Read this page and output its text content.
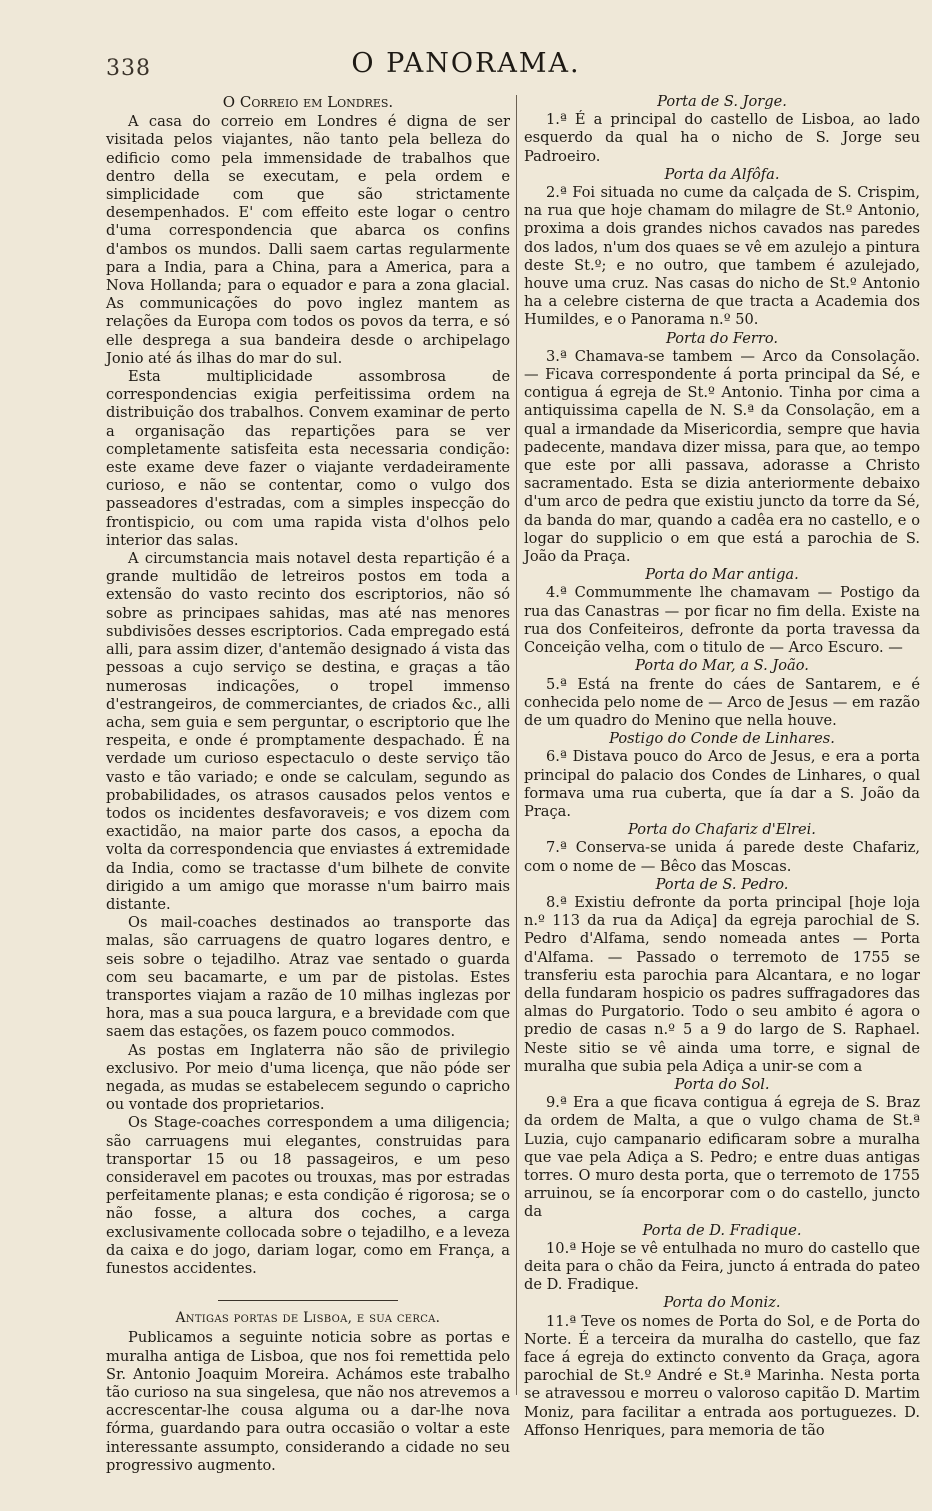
338	O PANORAMA.
O Correio em Londres.

A casa do correio em Londres é digna de ser visitada pelos viajantes, não tanto pela belleza do edificio como pela immensidade de trabalhos que dentro della se executam, e pela ordem e simplicidade com que são strictamente desempenhados. E' com effeito este logar o centro d'uma correspondencia que abarca os confins d'ambos os mundos. Dalli saem cartas regularmente para a India, para a China, para a America, para a Nova Hollanda; para o equador e para a zona glacial. As communicações do povo inglez mantem as relações da Europa com todos os povos da terra, e só elle desprega a sua bandeira desde o archipelago Jonio até ás ilhas do mar do sul.

Esta multiplicidade assombrosa de correspondencias exigia perfeitissima ordem na distribuição dos trabalhos. Convem examinar de perto a organisação das repartições para se ver completamente satisfeita esta necessaria condição: este exame deve fazer o viajante verdadeiramente curioso, e não se contentar, como o vulgo dos passeadores d'estradas, com a simples inspecção do frontispicio, ou com uma rapida vista d'olhos pelo interior das salas.

A circumstancia mais notavel desta repartição é a grande multidão de letreiros postos em toda a extensão do vasto recinto dos escriptorios, não só sobre as principaes sahidas, mas até nas menores subdivisões desses escriptorios. Cada empregado está alli, para assim dizer, d'antemão designado á vista das pessoas a cujo serviço se destina, e graças a tão numerosas indicações, o tropel immenso d'estrangeiros, de commerciantes, de criados &c., alli acha, sem guia e sem perguntar, o escriptorio que lhe respeita, e onde é promptamente despachado. É na verdade um curioso espectaculo o deste serviço tão vasto e tão variado; e onde se calculam, segundo as probabilidades, os atrasos causados pelos ventos e todos os incidentes desfavoraveis; e vos dizem com exactidão, na maior parte dos casos, a epocha da volta da correspondencia que enviastes á extremidade da India, como se tractasse d'um bilhete de convite dirigido a um amigo que morasse n'um bairro mais distante.

Os mail-coaches destinados ao transporte das malas, são carruagens de quatro logares dentro, e seis sobre o tejadilho. Atraz vae sentado o guarda com seu bacamarte, e um par de pistolas. Estes transportes viajam a razão de 10 milhas inglezas por hora, mas a sua pouca largura, e a brevidade com que saem das estações, os fazem pouco commodos.

As postas em Inglaterra não são de privilegio exclusivo. Por meio d'uma licença, que não póde ser negada, as mudas se estabelecem segundo o capricho ou vontade dos proprietarios.

Os Stage-coaches correspondem a uma diligencia; são carruagens mui elegantes, construidas para transportar 15 ou 18 passageiros, e um peso consideravel em pacotes ou trouxas, mas por estradas perfeitamente planas; e esta condição é rigorosa; se o não fosse, a altura dos coches, a carga exclusivamente collocada sobre o tejadilho, e a leveza da caixa e do jogo, dariam logar, como em França, a funestos accidentes.

Antigas portas de Lisboa, e sua cerca.

Publicamos a seguinte noticia sobre as portas e muralha antiga de Lisboa, que nos foi remettida pelo Sr. Antonio Joaquim Moreira. Achámos este trabalho tão curioso na sua singelesa, que não nos atrevemos a accrescentar-lhe cousa alguma ou a dar-lhe nova fórma, guardando para outra occasião o voltar a este interessante assumpto, considerando a cidade no seu progressivo augmento.

Porta de S. Jorge.

1.ª É a principal do castello de Lisboa, ao lado esquerdo da qual ha o nicho de S. Jorge seu Padroeiro.

Porta da Alfôfa.

2.ª Foi situada no cume da calçada de S. Crispim, na rua que hoje chamam do milagre de St.º Antonio, proxima a dois grandes nichos cavados nas paredes dos lados, n'um dos quaes se vê em azulejo a pintura deste St.º; e no outro, que tambem é azulejado, houve uma cruz. Nas casas do nicho de St.º Antonio ha a celebre cisterna de que tracta a Academia dos Humildes, e o Panorama n.º 50.

Porta do Ferro.

3.ª Chamava-se tambem — Arco da Consolação. — Ficava correspondente á porta principal da Sé, e contigua á egreja de St.º Antonio. Tinha por cima a antiquissima capella de N. S.ª da Consolação, em a qual a irmandade da Misericordia, sempre que havia padecente, mandava dizer missa, para que, ao tempo que este por alli passava, adorasse a Christo sacramentado. Esta se dizia anteriormente debaixo d'um arco de pedra que existiu juncto da torre da Sé, da banda do mar, quando a cadêa era no castello, e o logar do supplicio o em que está a parochia de S. João da Praça.

Porta do Mar antiga.

4.ª Commummente lhe chamavam — Postigo da rua das Canastras — por ficar no fim della. Existe na rua dos Confeiteiros, defronte da porta travessa da Conceição velha, com o titulo de — Arco Escuro. —

Porta do Mar, a S. João.

5.ª Está na frente do cáes de Santarem, e é conhecida pelo nome de — Arco de Jesus — em razão de um quadro do Menino que nella houve.

Postigo do Conde de Linhares.

6.ª Distava pouco do Arco de Jesus, e era a porta principal do palacio dos Condes de Linhares, o qual formava uma rua cuberta, que ía dar a S. João da Praça.

Porta do Chafariz d'Elrei.

7.ª Conserva-se unida á parede deste Chafariz, com o nome de — Bêco das Moscas.

Porta de S. Pedro.

8.ª Existiu defronte da porta principal [hoje loja n.º 113 da rua da Adiça] da egreja parochial de S. Pedro d'Alfama, sendo nomeada antes — Porta d'Alfama. — Passado o terremoto de 1755 se transferiu esta parochia para Alcantara, e no logar della fundaram hospicio os padres suffragadores das almas do Purgatorio. Todo o seu ambito é agora o predio de casas n.º 5 a 9 do largo de S. Raphael. Neste sitio se vê ainda uma torre, e signal de muralha que subia pela Adiça a unir-se com a

Porta do Sol.

9.ª Era a que ficava contigua á egreja de S. Braz da ordem de Malta, a que o vulgo chama de St.ª Luzia, cujo campanario edificaram sobre a muralha que vae pela Adiça a S. Pedro; e entre duas antigas torres. O muro desta porta, que o terremoto de 1755 arruinou, se ía encorporar com o do castello, juncto da

Porta de D. Fradique.

10.ª Hoje se vê entulhada no muro do castello que deita para o chão da Feira, juncto á entrada do pateo de D. Fradique.

Porta do Moniz.

11.ª Teve os nomes de Porta do Sol, e de Porta do Norte. É a terceira da muralha do castello, que faz face á egreja do extincto convento da Graça, agora parochial de St.º André e St.ª Marinha. Nesta porta se atravessou e morreu o valoroso capitão D. Martim Moniz, para facilitar a entrada aos portuguezes. D. Affonso Henriques, para memoria de tão
